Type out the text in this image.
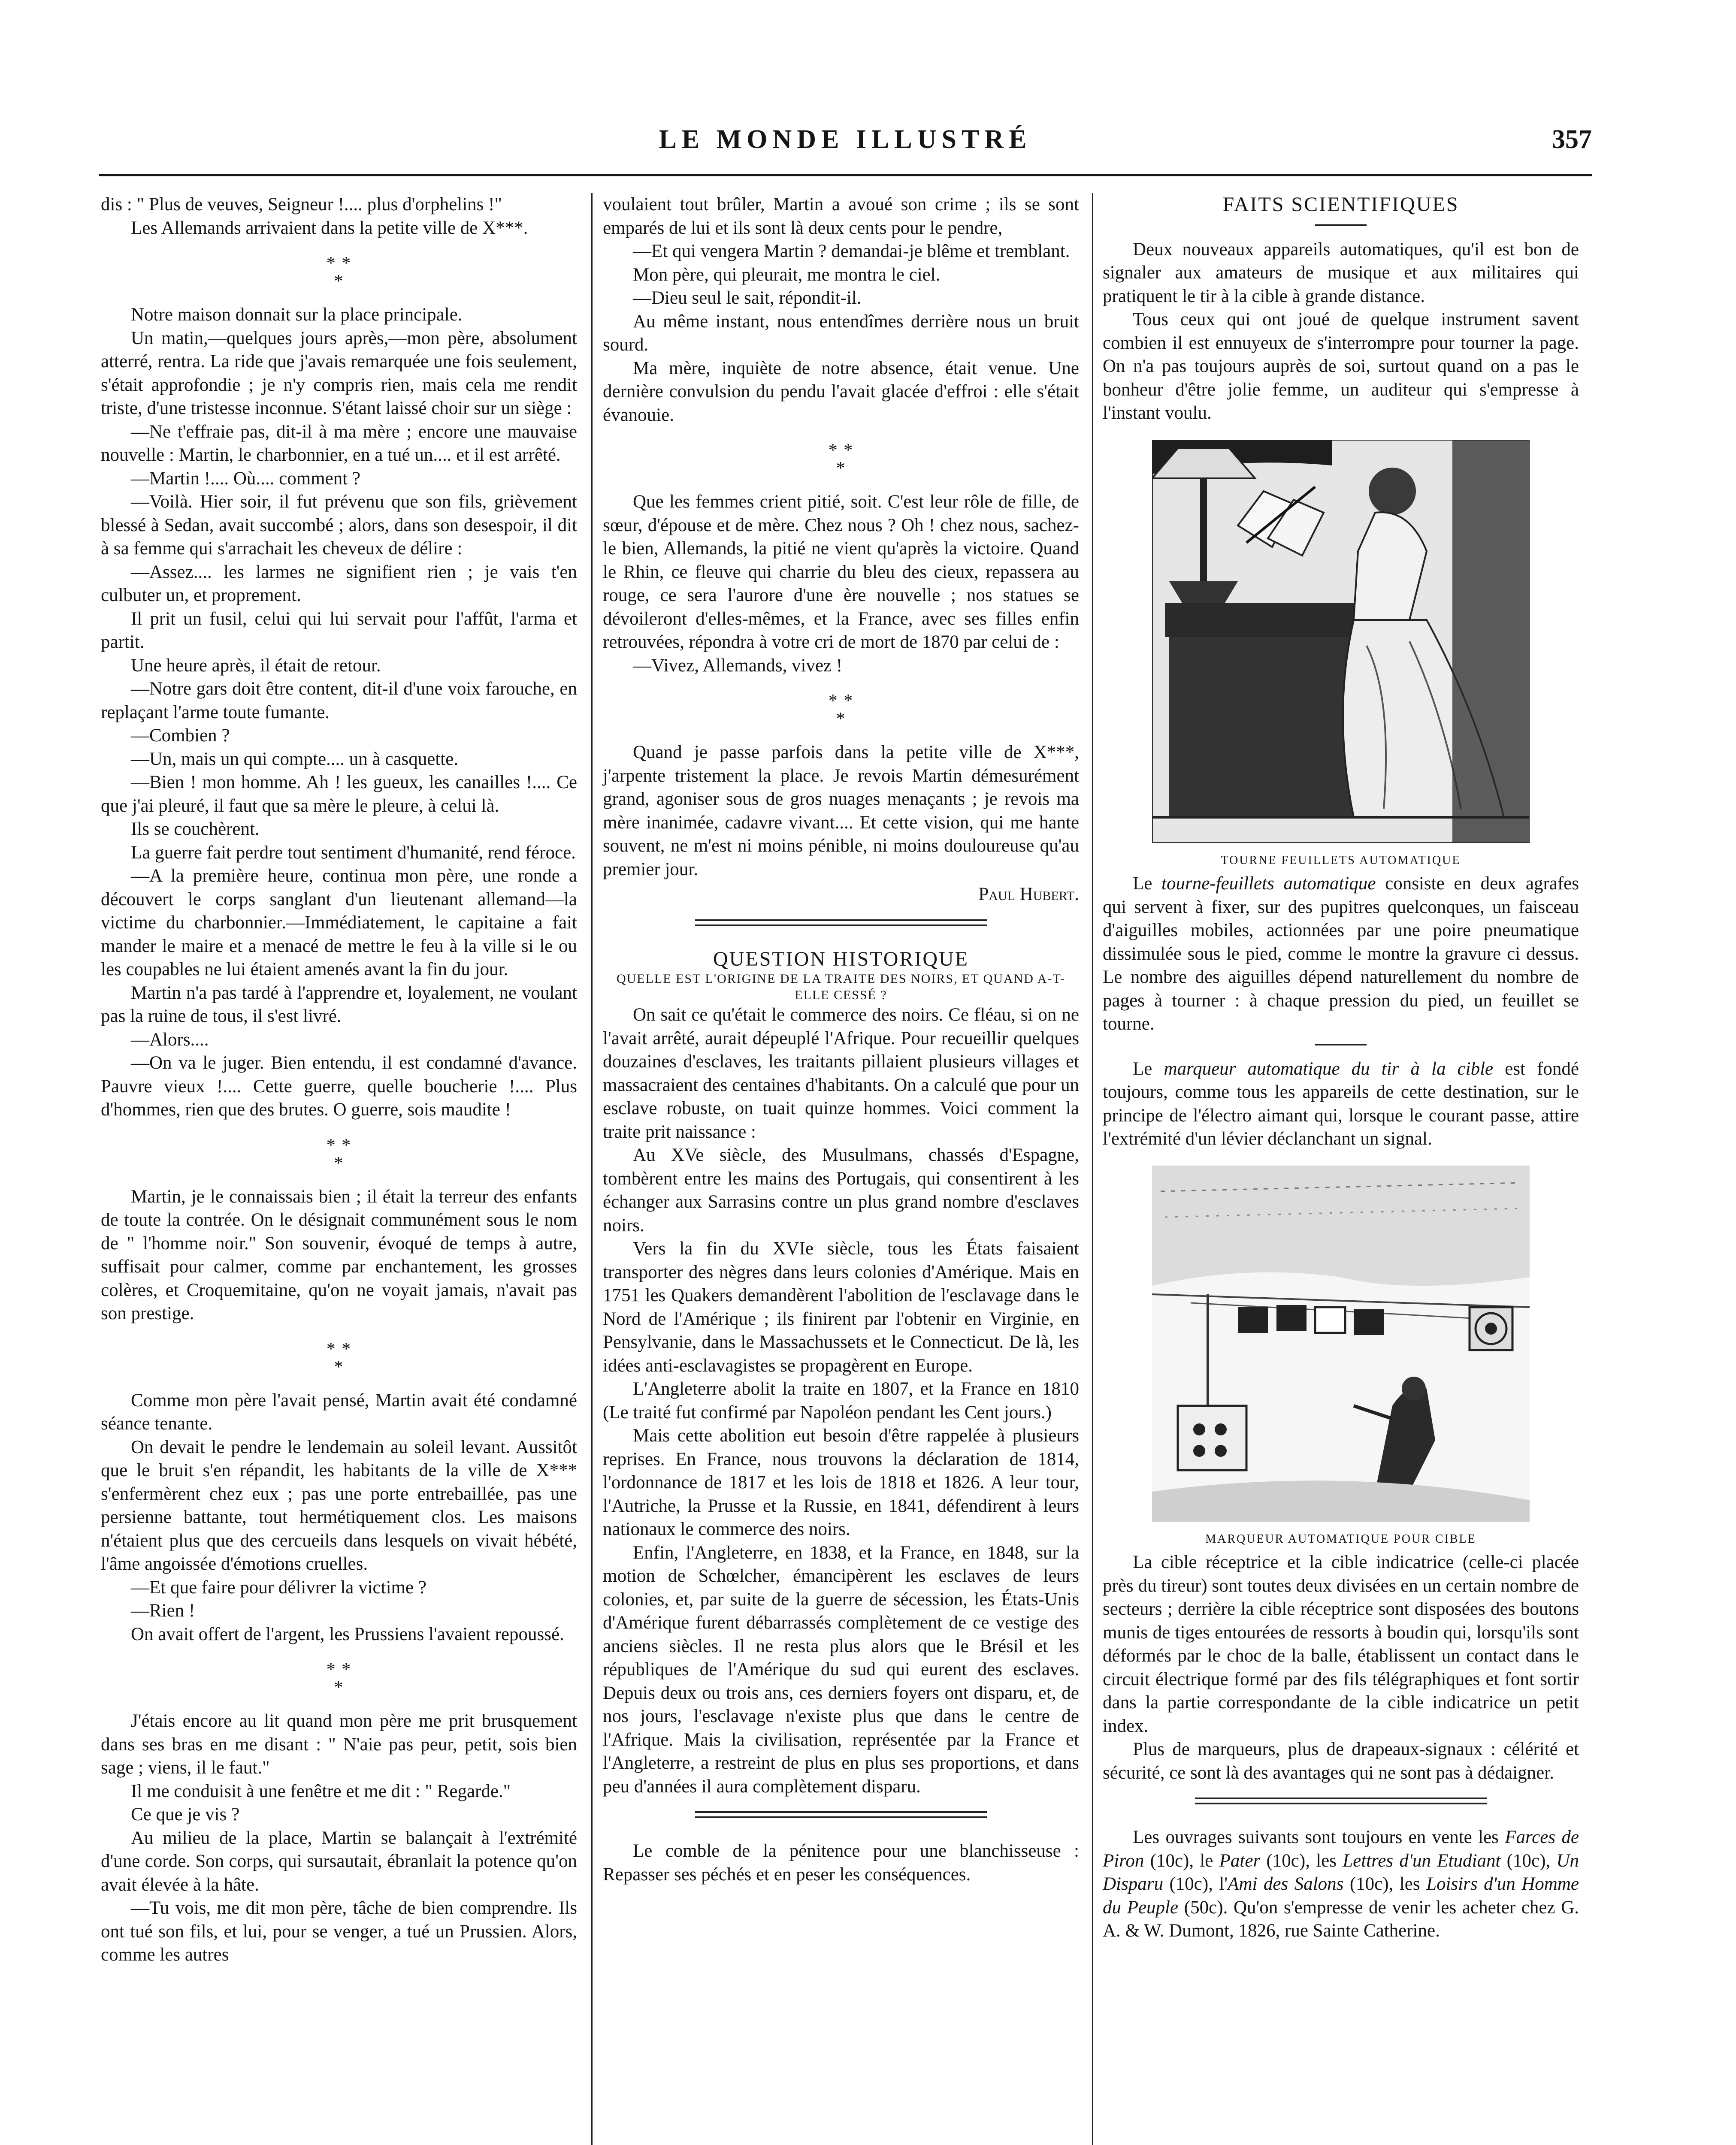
LE MONDE ILLUSTRÉ	357

dis : " Plus de veuves, Seigneur !.... plus d'orphelins !"

Les Allemands arrivaient dans la petite ville de X***.

* *
*

Notre maison donnait sur la place principale.

Un matin,—quelques jours après,—mon père, absolument atterré, rentra. La ride que j'avais remarquée une fois seulement, s'était approfondie ; je n'y compris rien, mais cela me rendit triste, d'une tristesse inconnue. S'étant laissé choir sur un siège :

—Ne t'effraie pas, dit-il à ma mère ; encore une mauvaise nouvelle : Martin, le charbonnier, en a tué un.... et il est arrêté.

—Martin !.... Où.... comment ?

—Voilà. Hier soir, il fut prévenu que son fils, grièvement blessé à Sedan, avait succombé ; alors, dans son desespoir, il dit à sa femme qui s'arrachait les cheveux de délire :

—Assez.... les larmes ne signifient rien ; je vais t'en culbuter un, et proprement.

Il prit un fusil, celui qui lui servait pour l'affût, l'arma et partit.

Une heure après, il était de retour.

—Notre gars doit être content, dit-il d'une voix farouche, en replaçant l'arme toute fumante.

—Combien ?

—Un, mais un qui compte.... un à casquette.

—Bien ! mon homme. Ah ! les gueux, les canailles !.... Ce que j'ai pleuré, il faut que sa mère le pleure, à celui là.

Ils se couchèrent.

La guerre fait perdre tout sentiment d'humanité, rend féroce.

—A la première heure, continua mon père, une ronde a découvert le corps sanglant d'un lieutenant allemand—la victime du charbonnier.—Immédiatement, le capitaine a fait mander le maire et a menacé de mettre le feu à la ville si le ou les coupables ne lui étaient amenés avant la fin du jour.

Martin n'a pas tardé à l'apprendre et, loyalement, ne voulant pas la ruine de tous, il s'est livré.

—Alors....

—On va le juger. Bien entendu, il est condamné d'avance. Pauvre vieux !.... Cette guerre, quelle boucherie !.... Plus d'hommes, rien que des brutes. O guerre, sois maudite !

* *
*

Martin, je le connaissais bien ; il était la terreur des enfants de toute la contrée. On le désignait communément sous le nom de " l'homme noir." Son souvenir, évoqué de temps à autre, suffisait pour calmer, comme par enchantement, les grosses colères, et Croquemitaine, qu'on ne voyait jamais, n'avait pas son prestige.

* *
*

Comme mon père l'avait pensé, Martin avait été condamné séance tenante.

On devait le pendre le lendemain au soleil levant. Aussitôt que le bruit s'en répandit, les habitants de la ville de X*** s'enfermèrent chez eux ; pas une porte entrebaillée, pas une persienne battante, tout hermétiquement clos. Les maisons n'étaient plus que des cercueils dans lesquels on vivait hébété, l'âme angoissée d'émotions cruelles.

—Et que faire pour délivrer la victime ?

—Rien !

On avait offert de l'argent, les Prussiens l'avaient repoussé.

* *
*

J'étais encore au lit quand mon père me prit brusquement dans ses bras en me disant : " N'aie pas peur, petit, sois bien sage ; viens, il le faut."

Il me conduisit à une fenêtre et me dit : " Regarde."

Ce que je vis ?

Au milieu de la place, Martin se balançait à l'extrémité d'une corde. Son corps, qui sursautait, ébranlait la potence qu'on avait élevée à la hâte.

—Tu vois, me dit mon père, tâche de bien comprendre. Ils ont tué son fils, et lui, pour se venger, a tué un Prussien. Alors, comme les autres

voulaient tout brûler, Martin a avoué son crime ; ils se sont emparés de lui et ils sont là deux cents pour le pendre,

—Et qui vengera Martin ? demandai-je blême et tremblant.

Mon père, qui pleurait, me montra le ciel.

—Dieu seul le sait, répondit-il.

Au même instant, nous entendîmes derrière nous un bruit sourd.

Ma mère, inquiète de notre absence, était venue. Une dernière convulsion du pendu l'avait glacée d'effroi : elle s'était évanouie.

* *
*

Que les femmes crient pitié, soit. C'est leur rôle de fille, de sœur, d'épouse et de mère. Chez nous ? Oh ! chez nous, sachez-le bien, Allemands, la pitié ne vient qu'après la victoire. Quand le Rhin, ce fleuve qui charrie du bleu des cieux, repassera au rouge, ce sera l'aurore d'une ère nouvelle ; nos statues se dévoileront d'elles-mêmes, et la France, avec ses filles enfin retrouvées, répondra à votre cri de mort de 1870 par celui de :

—Vivez, Allemands, vivez !

* *
*

Quand je passe parfois dans la petite ville de X***, j'arpente tristement la place. Je revois Martin démesurément grand, agoniser sous de gros nuages menaçants ; je revois ma mère inanimée, cadavre vivant.... Et cette vision, qui me hante souvent, ne m'est ni moins pénible, ni moins douloureuse qu'au premier jour.

Paul Hubert.

QUESTION HISTORIQUE

QUELLE EST L'ORIGINE DE LA TRAITE DES NOIRS, ET QUAND A-T-ELLE CESSÉ ?

On sait ce qu'était le commerce des noirs. Ce fléau, si on ne l'avait arrêté, aurait dépeuplé l'Afrique. Pour recueillir quelques douzaines d'esclaves, les traitants pillaient plusieurs villages et massacraient des centaines d'habitants. On a calculé que pour un esclave robuste, on tuait quinze hommes. Voici comment la traite prit naissance :

Au XVe siècle, des Musulmans, chassés d'Espagne, tombèrent entre les mains des Portugais, qui consentirent à les échanger aux Sarrasins contre un plus grand nombre d'esclaves noirs.

Vers la fin du XVIe siècle, tous les États faisaient transporter des nègres dans leurs colonies d'Amérique. Mais en 1751 les Quakers demandèrent l'abolition de l'esclavage dans le Nord de l'Amérique ; ils finirent par l'obtenir en Virginie, en Pensylvanie, dans le Massachussets et le Connecticut. De là, les idées anti-esclavagistes se propagèrent en Europe.

L'Angleterre abolit la traite en 1807, et la France en 1810 (Le traité fut confirmé par Napoléon pendant les Cent jours.)

Mais cette abolition eut besoin d'être rappelée à plusieurs reprises. En France, nous trouvons la déclaration de 1814, l'ordonnance de 1817 et les lois de 1818 et 1826. A leur tour, l'Autriche, la Prusse et la Russie, en 1841, défendirent à leurs nationaux le commerce des noirs.

Enfin, l'Angleterre, en 1838, et la France, en 1848, sur la motion de Schœlcher, émancipèrent les esclaves de leurs colonies, et, par suite de la guerre de sécession, les États-Unis d'Amérique furent débarrassés complètement de ce vestige des anciens siècles. Il ne resta plus alors que le Brésil et les républiques de l'Amérique du sud qui eurent des esclaves. Depuis deux ou trois ans, ces derniers foyers ont disparu, et, de nos jours, l'esclavage n'existe plus que dans le centre de l'Afrique. Mais la civilisation, représentée par la France et l'Angleterre, a restreint de plus en plus ses proportions, et dans peu d'années il aura complètement disparu.

Le comble de la pénitence pour une blanchisseuse : Repasser ses péchés et en peser les conséquences.

FAITS SCIENTIFIQUES

Deux nouveaux appareils automatiques, qu'il est bon de signaler aux amateurs de musique et aux militaires qui pratiquent le tir à la cible à grande distance.

Tous ceux qui ont joué de quelque instrument savent combien il est ennuyeux de s'interrompre pour tourner la page. On n'a pas toujours auprès de soi, surtout quand on a pas le bonheur d'être jolie femme, un auditeur qui s'empresse à l'instant voulu.

TOURNE FEUILLETS AUTOMATIQUE

Le tourne-feuillets automatique consiste en deux agrafes qui servent à fixer, sur des pupitres quelconques, un faisceau d'aiguilles mobiles, actionnées par une poire pneumatique dissimulée sous le pied, comme le montre la gravure ci dessus. Le nombre des aiguilles dépend naturellement du nombre de pages à tourner : à chaque pression du pied, un feuillet se tourne.

Le marqueur automatique du tir à la cible est fondé toujours, comme tous les appareils de cette destination, sur le principe de l'électro aimant qui, lorsque le courant passe, attire l'extrémité d'un lévier déclanchant un signal.

MARQUEUR AUTOMATIQUE POUR CIBLE

La cible réceptrice et la cible indicatrice (celle-ci placée près du tireur) sont toutes deux divisées en un certain nombre de secteurs ; derrière la cible réceptrice sont disposées des boutons munis de tiges entourées de ressorts à boudin qui, lorsqu'ils sont déformés par le choc de la balle, établissent un contact dans le circuit électrique formé par des fils télégraphiques et font sortir dans la partie correspondante de la cible indicatrice un petit index.

Plus de marqueurs, plus de drapeaux-signaux : célérité et sécurité, ce sont là des avantages qui ne sont pas à dédaigner.

Les ouvrages suivants sont toujours en vente les Farces de Piron (10c), le Pater (10c), les Lettres d'un Etudiant (10c), Un Disparu (10c), l'Ami des Salons (10c), les Loisirs d'un Homme du Peuple (50c). Qu'on s'empresse de venir les acheter chez G. A. & W. Dumont, 1826, rue Sainte Catherine.
